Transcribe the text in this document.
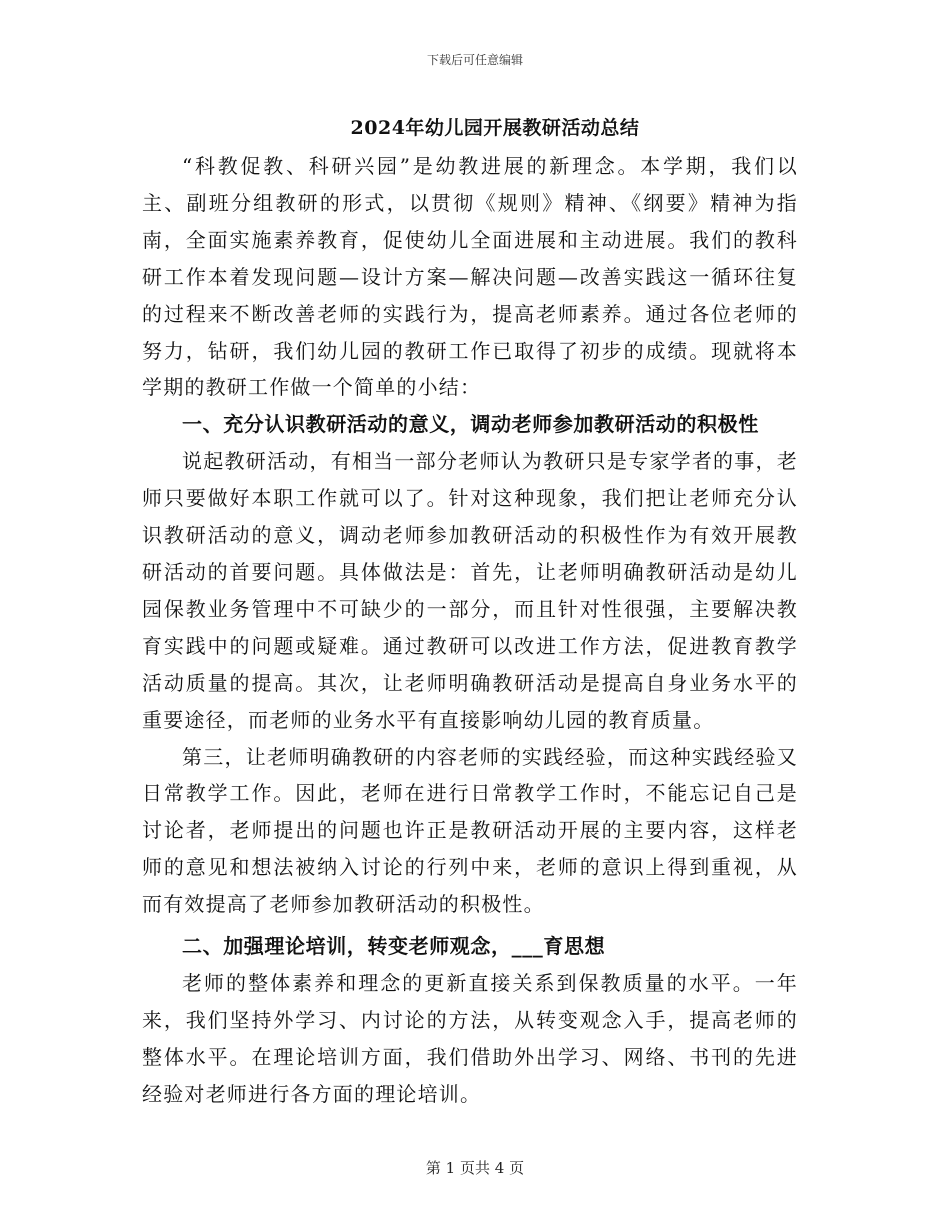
下载后可任意编辑
2024年幼儿园开展教研活动总结

“科教促教、科研兴园”是幼教进展的新理念。本学期，我们以主、副班分组教研的形式，以贯彻《规则》精神、《纲要》精神为指南，全面实施素养教育，促使幼儿全面进展和主动进展。我们的教科研工作本着发现问题—设计方案—解决问题—改善实践这一循环往复的过程来不断改善老师的实践行为，提高老师素养。通过各位老师的努力，钻研，我们幼儿园的教研工作已取得了初步的成绩。现就将本学期的教研工作做一个简单的小结：

一、充分认识教研活动的意义，调动老师参加教研活动的积极性

说起教研活动，有相当一部分老师认为教研只是专家学者的事，老师只要做好本职工作就可以了。针对这种现象，我们把让老师充分认识教研活动的意义，调动老师参加教研活动的积极性作为有效开展教研活动的首要问题。具体做法是：首先，让老师明确教研活动是幼儿园保教业务管理中不可缺少的一部分，而且针对性很强，主要解决教育实践中的问题或疑难。通过教研可以改进工作方法，促进教育教学活动质量的提高。其次，让老师明确教研活动是提高自身业务水平的重要途径，而老师的业务水平有直接影响幼儿园的教育质量。

第三，让老师明确教研的内容老师的实践经验，而这种实践经验又日常教学工作。因此，老师在进行日常教学工作时，不能忘记自己是讨论者，老师提出的问题也许正是教研活动开展的主要内容，这样老师的意见和想法被纳入讨论的行列中来，老师的意识上得到重视，从而有效提高了老师参加教研活动的积极性。

二、加强理论培训，转变老师观念，___育思想

老师的整体素养和理念的更新直接关系到保教质量的水平。一年来，我们坚持外学习、内讨论的方法，从转变观念入手，提高老师的整体水平。在理论培训方面，我们借助外出学习、网络、书刊的先进经验对老师进行各方面的理论培训。

第 1 页共 4 页
